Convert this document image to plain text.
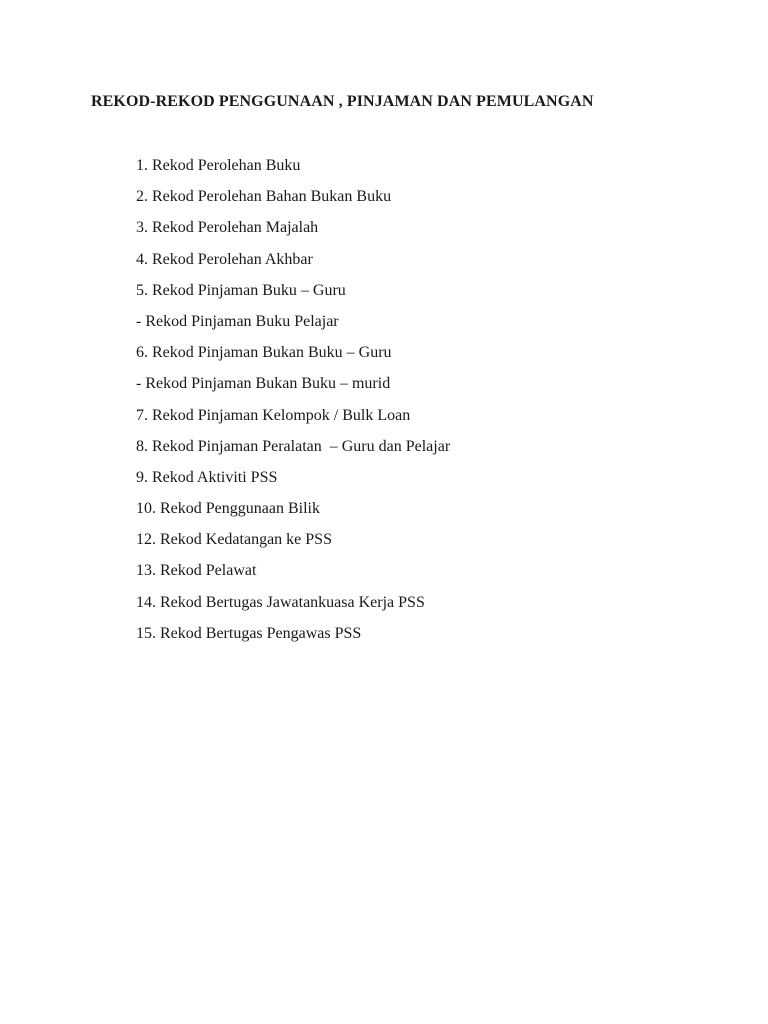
REKOD-REKOD PENGGUNAAN , PINJAMAN DAN PEMULANGAN
1. Rekod Perolehan Buku
2. Rekod Perolehan Bahan Bukan Buku
3. Rekod Perolehan Majalah
4. Rekod Perolehan Akhbar
5. Rekod Pinjaman Buku – Guru
- Rekod Pinjaman Buku Pelajar
6. Rekod Pinjaman Bukan Buku – Guru
- Rekod Pinjaman Bukan Buku – murid
7. Rekod Pinjaman Kelompok / Bulk Loan
8. Rekod Pinjaman Peralatan  – Guru dan Pelajar
9. Rekod Aktiviti PSS
10. Rekod Penggunaan Bilik
12. Rekod Kedatangan ke PSS
13. Rekod Pelawat
14. Rekod Bertugas Jawatankuasa Kerja PSS
15. Rekod Bertugas Pengawas PSS
